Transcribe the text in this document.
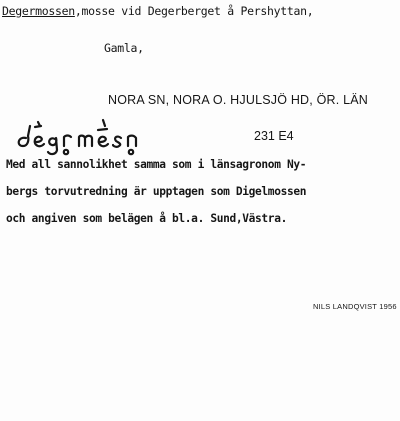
Degermossen,mosse vid Degerberget å Pershyttan,
Gamla,
NORA SN, NORA O. HJULSJÖ HD, ÖR. LÄN
231 E4
Med all sannolikhet samma som i länsagronom Ny-
bergs torvutredning är upptagen som Digelmossen
och angiven som belägen å bl.a. Sund,Västra.
NILS LANDQVIST 1956
